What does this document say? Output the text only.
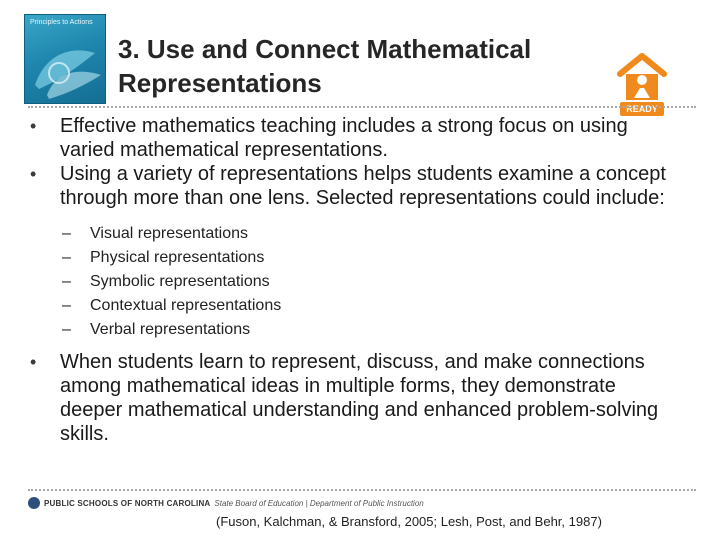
Principles to Actions
3. Use and Connect Mathematical
Representations
READY
• Effective mathematics teaching includes a strong focus on using varied mathematical representations.
• Using a variety of representations helps students examine a concept through more than one lens. Selected representations could include:
– Visual representations
– Physical representations
– Symbolic representations
– Contextual representations
– Verbal representations
• When students learn to represent, discuss, and make connections among mathematical ideas in multiple forms, they demonstrate deeper mathematical understanding and enhanced problem-solving skills.
PUBLIC SCHOOLS OF NORTH CAROLINA State Board of Education | Department of Public Instruction
(Fuson, Kalchman, & Bransford, 2005; Lesh, Post, and Behr, 1987)
